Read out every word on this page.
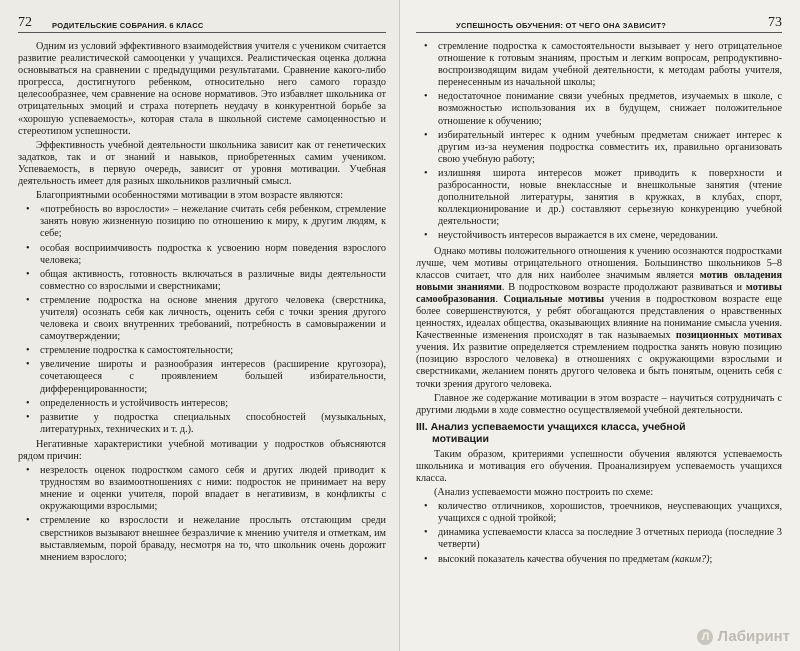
72	РОДИТЕЛЬСКИЕ СОБРАНИЯ. 6 КЛАСС

Одним из условий эффективного взаимодействия учителя с учеником считается развитие реалистической самооценки у учащихся. Реалистическая оценка должна основываться на сравнении с предыдущими результатами. Сравнение какого-либо прогресса, достигнутого ребенком, относительно него самого гораздо целесообразнее, чем сравнение на основе нормативов. Это избавляет школьника от отрицательных эмоций и страха потерпеть неудачу в конкурентной борьбе за «хорошую успеваемость», которая стала в школьной системе самоценностью и стереотипом успешности.

Эффективность учебной деятельности школьника зависит как от генетических задатков, так и от знаний и навыков, приобретенных самим учеником. Успеваемость, в первую очередь, зависит от уровня мотивации. Учебная деятельность имеет для разных школьников различный смысл.

Благоприятными особенностями мотивации в этом возрасте являются:

• «потребность во взрослости» – нежелание считать себя ребенком, стремление занять новую жизненную позицию по отношению к миру, к другим людям, к себе;
• особая восприимчивость подростка к усвоению норм поведения взрослого человека;
• общая активность, готовность включаться в различные виды деятельности совместно со взрослыми и сверстниками;
• стремление подростка на основе мнения другого человека (сверстника, учителя) осознать себя как личность, оценить себя с точки зрения другого человека и своих внутренних требований, потребность в самовыражении и самоутверждении;
• стремление подростка к самостоятельности;
• увеличение широты и разнообразия интересов (расширение кругозора), сочетающееся с проявлением большей избирательности, дифференцированности;
• определенность и устойчивость интересов;
• развитие у подростка специальных способностей (музыкальных, литературных, технических и т. д.).

Негативные характеристики учебной мотивации у подростков объясняются рядом причин:

• незрелость оценок подростком самого себя и других людей приводит к трудностям во взаимоотношениях с ними: подросток не принимает на веру мнение и оценки учителя, порой впадает в негативизм, в конфликты с окружающими взрослыми;
• стремление ко взрослости и нежелание прослыть отстающим среди сверстников вызывают внешнее безразличие к мнению учителя и отметкам, им выставляемым, порой браваду, несмотря на то, что школьник очень дорожит мнением взрослого;
УСПЕШНОСТЬ ОБУЧЕНИЯ: ОТ ЧЕГО ОНА ЗАВИСИТ?	73
• стремление подростка к самостоятельности вызывает у него отрицательное отношение к готовым знаниям, простым и легким вопросам, репродуктивно-воспроизводящим видам учебной деятельности, к методам работы учителя, перенесенным из начальной школы;
• недостаточное понимание связи учебных предметов, изучаемых в школе, с возможностью использования их в будущем, снижает положительное отношение к обучению;
• избирательный интерес к одним учебным предметам снижает интерес к другим из-за неумения подростка совместить их, правильно организовать свою учебную работу;
• излишняя широта интересов может приводить к поверхности и разбросанности, новые внеклассные и внешкольные занятия (чтение дополнительной литературы, занятия в кружках, в клубах, спорт, коллекционирование и др.) составляют серьезную конкуренцию учебной деятельности;
• неустойчивость интересов выражается в их смене, чередовании.

Однако мотивы положительного отношения к учению осознаются подростками лучше, чем мотивы отрицательного отношения. Большинство школьников 5–8 классов считает, что для них наиболее значимым является мотив овладения новыми знаниями. В подростковом возрасте продолжают развиваться и мотивы самообразования. Социальные мотивы учения в подростковом возрасте еще более совершенствуются, у ребят обогащаются представления о нравственных ценностях, идеалах общества, оказывающих влияние на понимание смысла учения. Качественные изменения происходят в так называемых позиционных мотивах учения. Их развитие определяется стремлением подростка занять новую позицию (позицию взрослого человека) в отношениях с окружающими взрослыми и сверстниками, желанием понять другого человека и быть понятым, оценить себя с точки зрения другого человека.

Главное же содержание мотивации в этом возрасте – научиться сотрудничать с другими людьми в ходе совместно осуществляемой учебной деятельности.

III. Анализ успеваемости учащихся класса, учебной
мотивации

Таким образом, критериями успешности обучения являются успеваемость школьника и мотивация его обучения. Проанализируем успеваемость учащихся класса.

(Анализ успеваемости можно построить по схеме:

• количество отличников, хорошистов, троечников, неуспевающих учащихся, учащихся с одной тройкой;
• динамика успеваемости класса за последние 3 отчетных периода (последние 3 четверти)
• высокий показатель качества обучения по предметам (каким?);
Л Лабиринт
